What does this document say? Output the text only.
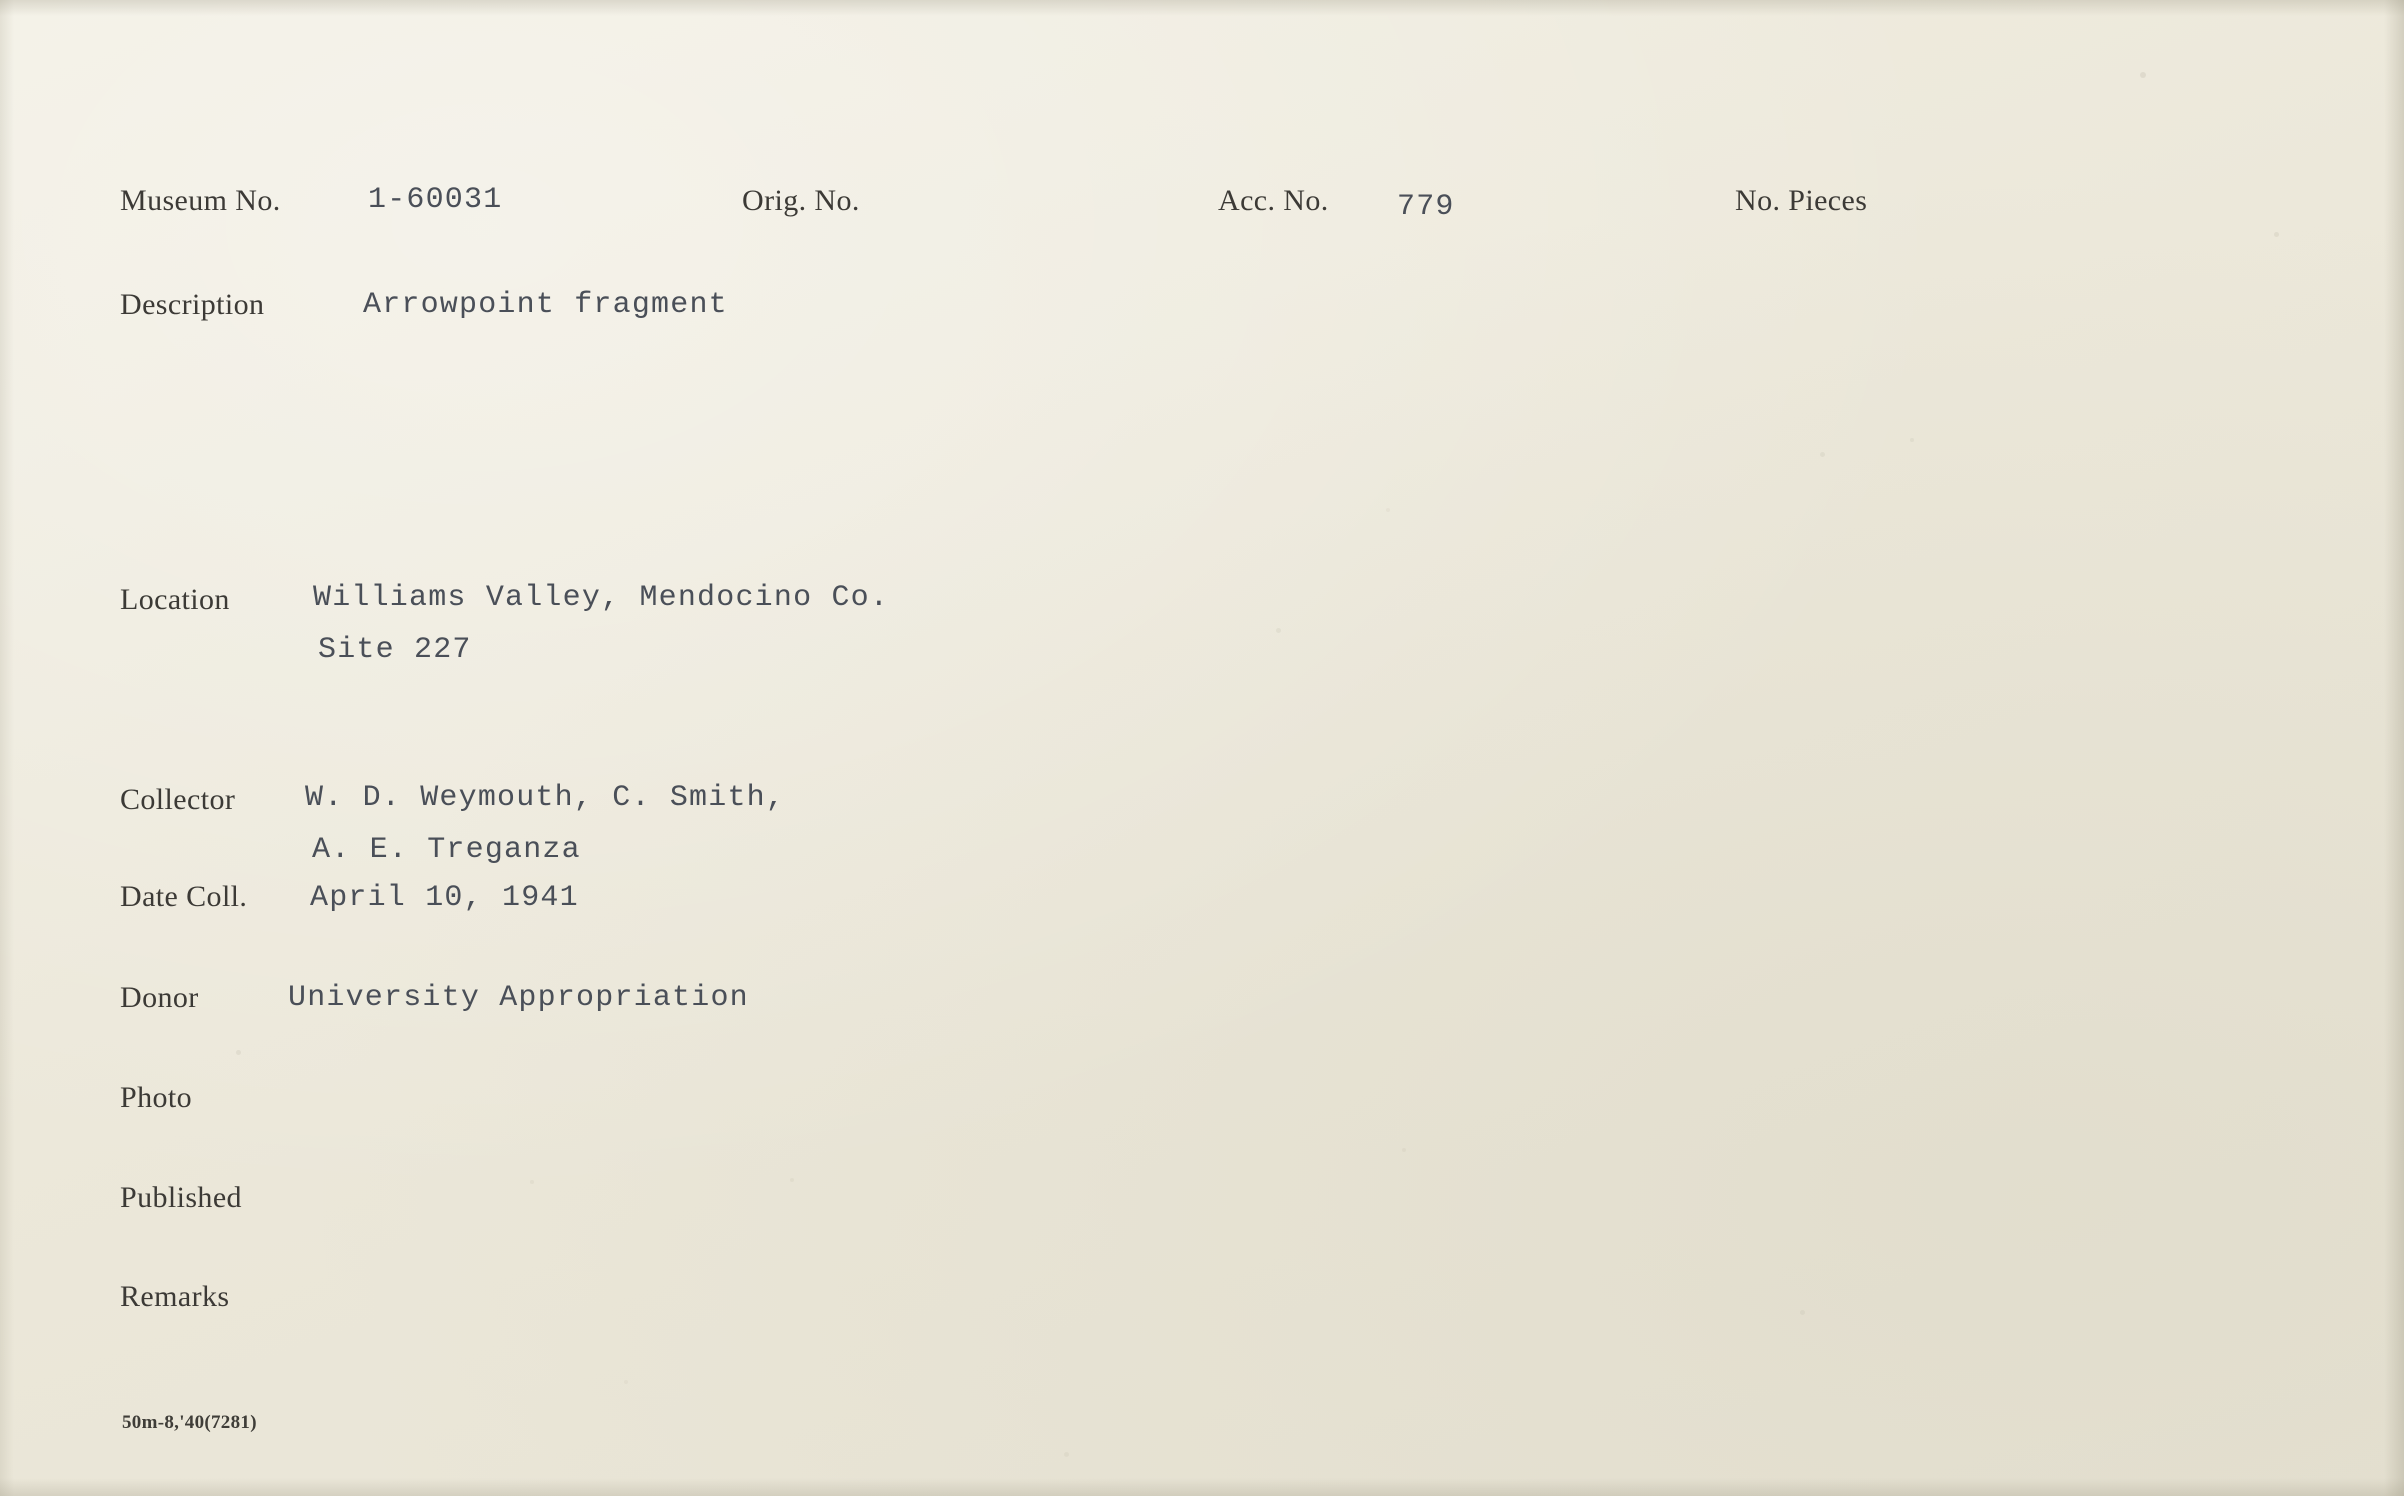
Museum No.	1-60031	Orig. No.	Acc. No. 779	No. Pieces
Description	Arrowpoint fragment
Location	Williams Valley, Mendocino Co.
Site 227
Collector W. D. Weymouth, C. Smith,
A. E. Treganza
Date Coll. April 10, 1941
Donor	University Appropriation
Photo
Published
Remarks
50m-8,'40(7281)
